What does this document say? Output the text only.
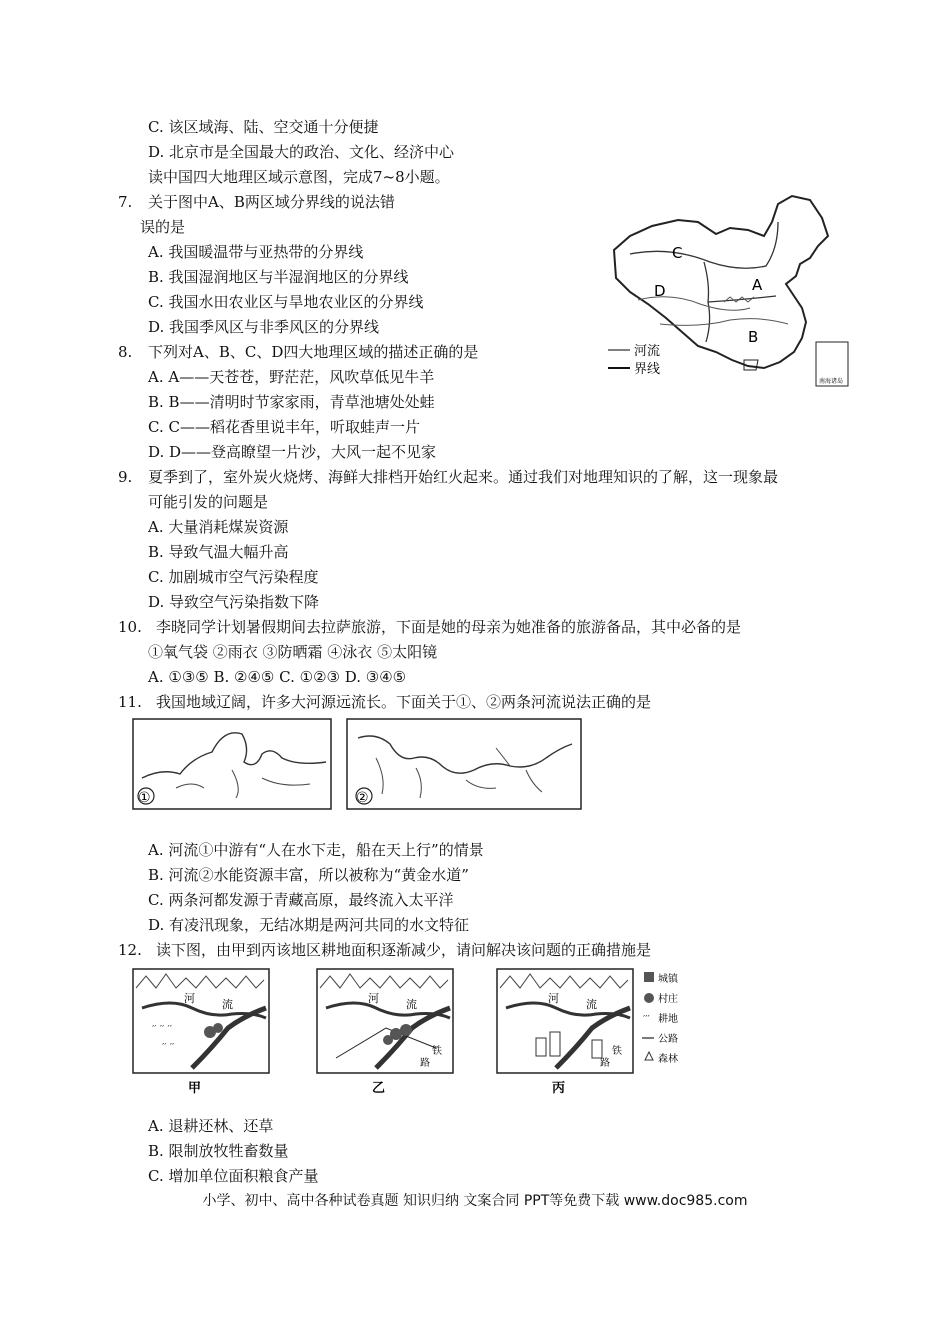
C. 该区域海、陆、空交通十分便捷
D. 北京市是全国最大的政治、文化、经济中心
读中国四大地理区域示意图，完成7~8小题。
7. 关于图中A、B两区域分界线的说法错
误的是
A. 我国暖温带与亚热带的分界线
B. 我国湿润地区与半湿润地区的分界线
C. 我国水田农业区与旱地农业区的分界线
D. 我国季风区与非季风区的分界线
C
D	A
B
河流
界线
南海诸岛
8. 下列对A、B、C、D四大地理区域的描述正确的是
A. A——天苍苍，野茫茫，风吹草低见牛羊
B. B——清明时节家家雨，青草池塘处处蛙
C. C——稻花香里说丰年，听取蛙声一片
D. D——登高瞭望一片沙，大风一起不见家
9. 夏季到了，室外炭火烧烤、海鲜大排档开始红火起来。通过我们对地理知识的了解，这一现象最
可能引发的问题是
A. 大量消耗煤炭资源
B. 导致气温大幅升高
C. 加剧城市空气污染程度
D. 导致空气污染指数下降
10. 李晓同学计划暑假期间去拉萨旅游，下面是她的母亲为她准备的旅游备品，其中必备的是
①氧气袋 ②雨衣 ③防晒霜 ④泳衣 ⑤太阳镜
A. ①③⑤ B. ②④⑤ C. ①②③ D. ③④⑤
11. 我国地域辽阔，许多大河源远流长。下面关于①、②两条河流说法正确的是
①	②
A. 河流①中游有“人在水下走，船在天上行”的情景
B. 河流②水能资源丰富，所以被称为“黄金水道”
C. 两条河都发源于青藏高原，最终流入太平洋
D. 有凌汛现象，无结冰期是两河共同的水文特征
12. 读下图，由甲到丙该地区耕地面积逐渐减少，请问解决该问题的正确措施是
河 流
′′ ′′ ′′
′′ ′′
甲
河 流
铁
路
乙
河 流
铁
路
丙
城镇
村庄
′′′ 耕地
公路
森林
A. 退耕还林、还草
B. 限制放牧牲畜数量
C. 增加单位面积粮食产量
小学、初中、高中各种试卷真题 知识归纳 文案合同 PPT等免费下载 www.doc985.com
